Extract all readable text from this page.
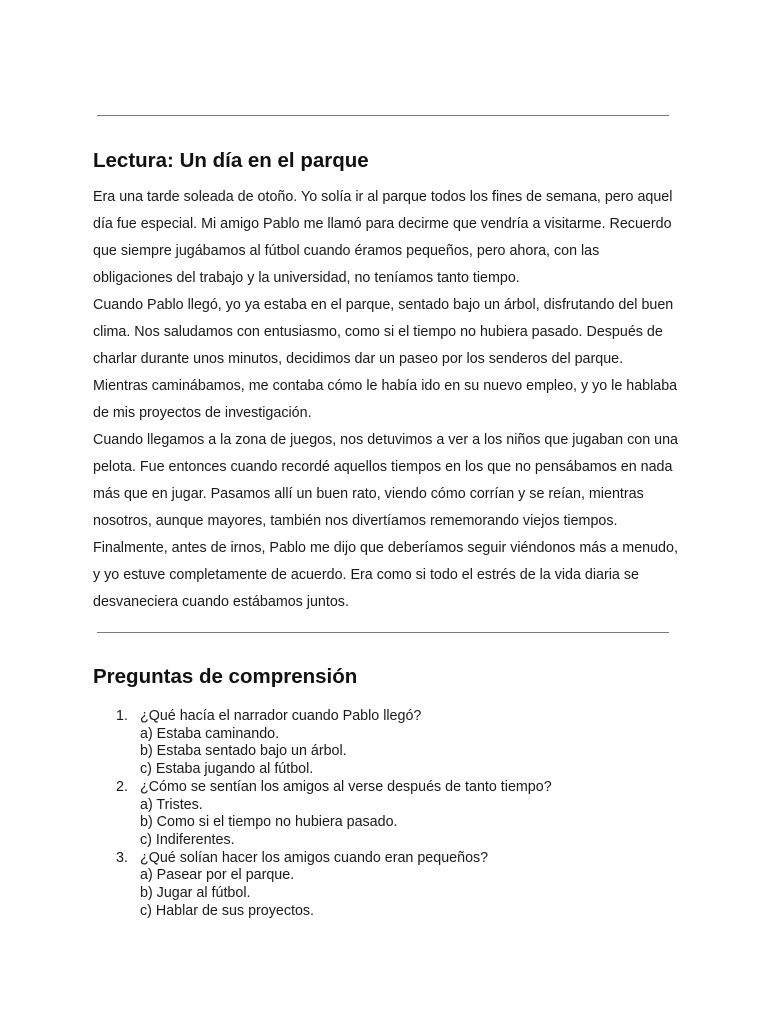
Lectura: Un día en el parque

Era una tarde soleada de otoño. Yo solía ir al parque todos los fines de semana, pero aquel
día fue especial. Mi amigo Pablo me llamó para decirme que vendría a visitarme. Recuerdo
que siempre jugábamos al fútbol cuando éramos pequeños, pero ahora, con las
obligaciones del trabajo y la universidad, no teníamos tanto tiempo.

Cuando Pablo llegó, yo ya estaba en el parque, sentado bajo un árbol, disfrutando del buen
clima. Nos saludamos con entusiasmo, como si el tiempo no hubiera pasado. Después de
charlar durante unos minutos, decidimos dar un paseo por los senderos del parque.
Mientras caminábamos, me contaba cómo le había ido en su nuevo empleo, y yo le hablaba
de mis proyectos de investigación.

Cuando llegamos a la zona de juegos, nos detuvimos a ver a los niños que jugaban con una
pelota. Fue entonces cuando recordé aquellos tiempos en los que no pensábamos en nada
más que en jugar. Pasamos allí un buen rato, viendo cómo corrían y se reían, mientras
nosotros, aunque mayores, también nos divertíamos rememorando viejos tiempos.

Finalmente, antes de irnos, Pablo me dijo que deberíamos seguir viéndonos más a menudo,
y yo estuve completamente de acuerdo. Era como si todo el estrés de la vida diaria se
desvaneciera cuando estábamos juntos.

Preguntas de comprensión
1. ¿Qué hacía el narrador cuando Pablo llegó?
a) Estaba caminando.
b) Estaba sentado bajo un árbol.
c) Estaba jugando al fútbol.
2. ¿Cómo se sentían los amigos al verse después de tanto tiempo?
a) Tristes.
b) Como si el tiempo no hubiera pasado.
c) Indiferentes.
3. ¿Qué solían hacer los amigos cuando eran pequeños?
a) Pasear por el parque.
b) Jugar al fútbol.
c) Hablar de sus proyectos.
